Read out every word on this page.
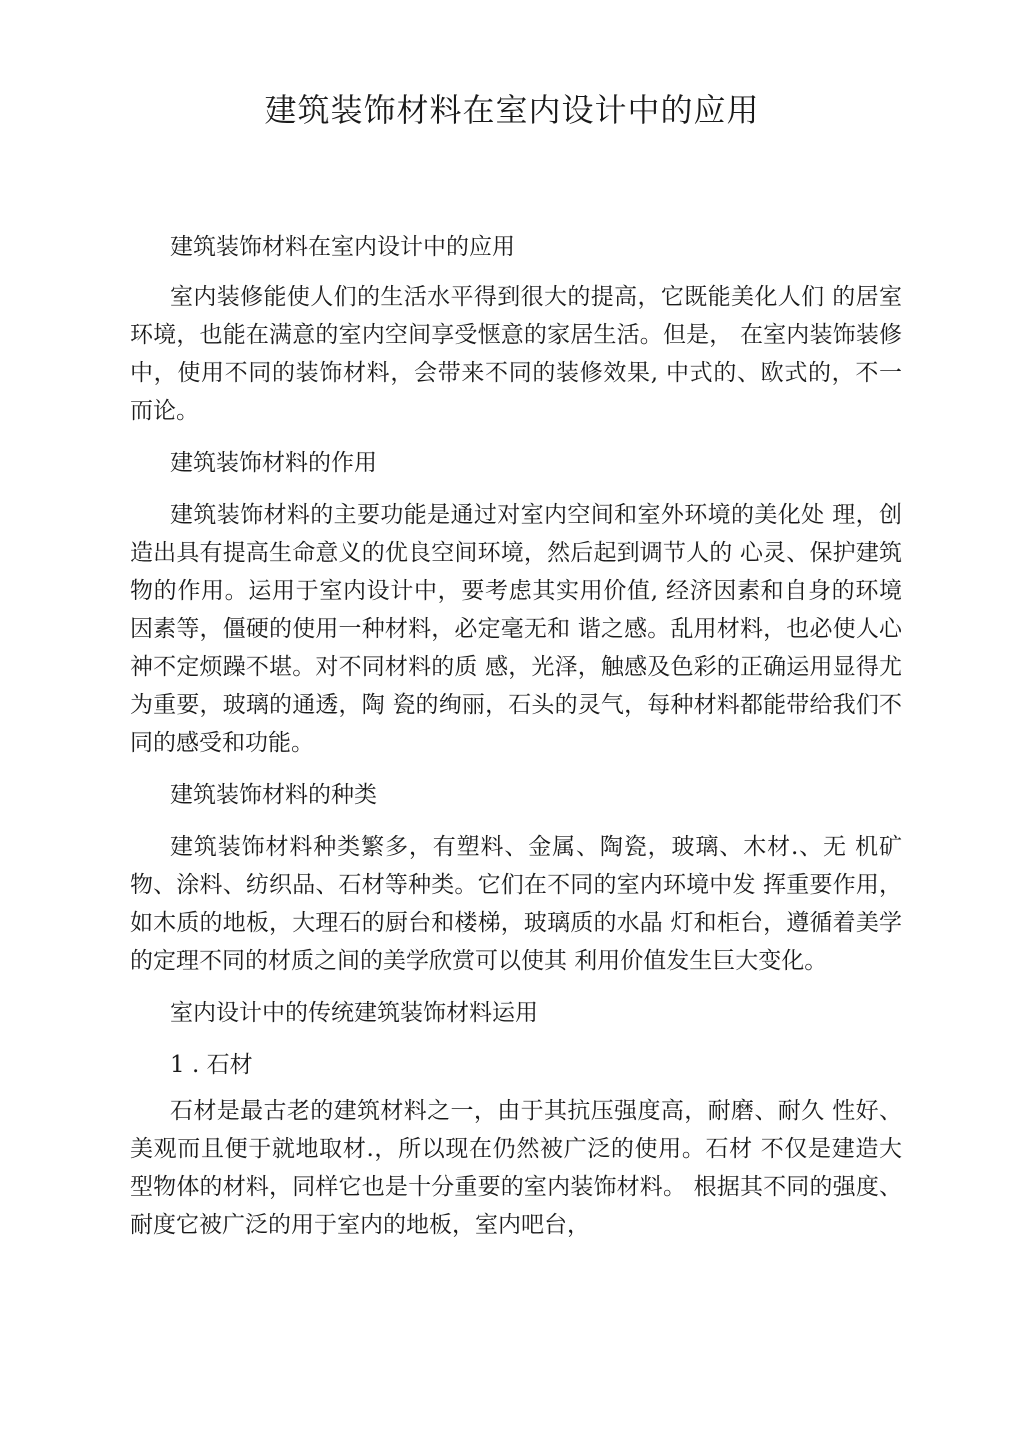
建筑装饰材料在室内设计中的应用
建筑装饰材料在室内设计中的应用

室内装修能使人们的生活水平得到很大的提高，它既能美化人们 的居室环境，也能在满意的室内空间享受惬意的家居生活。但是， 在室内装饰装修中，使用不同的装饰材料，会带来不同的装修效果, 中式的、欧式的，不一而论。

建筑装饰材料的作用

建筑装饰材料的主要功能是通过对室内空间和室外环境的美化处 理，创造出具有提高生命意义的优良空间环境，然后起到调节人的 心灵、保护建筑物的作用。运用于室内设计中，要考虑其实用价值, 经济因素和自身的环境因素等，僵硬的使用一种材料，必定毫无和 谐之感。乱用材料，也必使人心神不定烦躁不堪。对不同材料的质 感，光泽，触感及色彩的正确运用显得尤为重要，玻璃的通透，陶 瓷的绚丽，石头的灵气，每种材料都能带给我们不同的感受和功能。

建筑装饰材料的种类

建筑装饰材料种类繁多，有塑料、金属、陶瓷，玻璃、木材.、无 机矿物、涂料、纺织品、石材等种类。它们在不同的室内环境中发 挥重要作用，如木质的地板，大理石的厨台和楼梯，玻璃质的水晶 灯和柜台，遵循着美学的定理不同的材质之间的美学欣赏可以使其 利用价值发生巨大变化。

室内设计中的传统建筑装饰材料运用
1 . 石材

石材是最古老的建筑材料之一，由于其抗压强度高，耐磨、耐久 性好、美观而且便于就地取材.，所以现在仍然被广泛的使用。石材 不仅是建造大型物体的材料，同样它也是十分重要的室内装饰材料。 根据其不同的强度、耐度它被广泛的用于室内的地板，室内吧台，
